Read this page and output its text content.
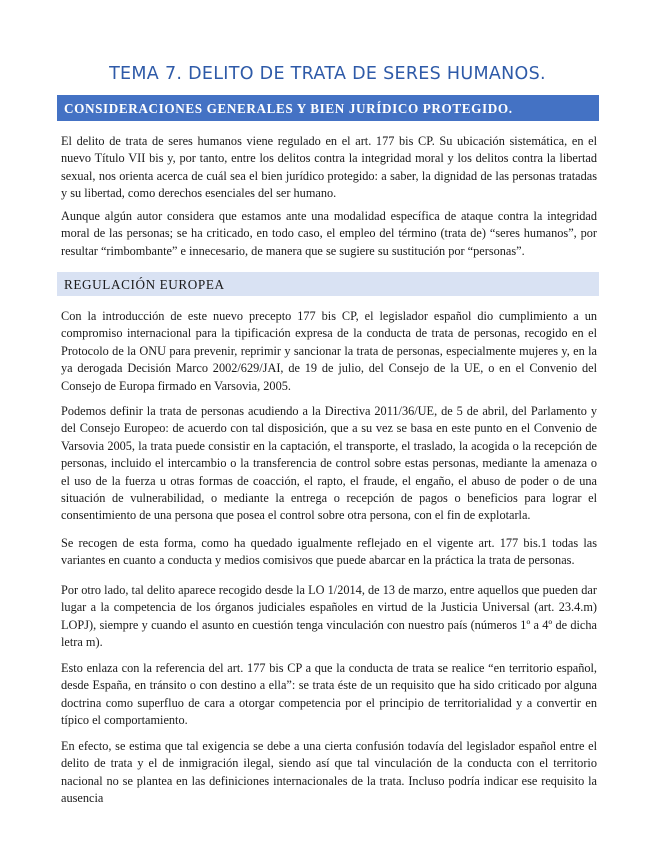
TEMA 7. DELITO DE TRATA DE SERES HUMANOS.
CONSIDERACIONES GENERALES Y BIEN JURÍDICO PROTEGIDO.

El delito de trata de seres humanos viene regulado en el art. 177 bis CP. Su ubicación sistemática, en el nuevo Título VII bis y, por tanto, entre los delitos contra la integridad moral y los delitos contra la libertad sexual, nos orienta acerca de cuál sea el bien jurídico protegido: a saber, la dignidad de las personas tratadas y su libertad, como derechos esenciales del ser humano.

Aunque algún autor considera que estamos ante una modalidad específica de ataque contra la integridad moral de las personas; se ha criticado, en todo caso, el empleo del término (trata de) “seres humanos”, por resultar “rimbombante” e innecesario, de manera que se sugiere su sustitución por “personas”.

REGULACIÓN EUROPEA

Con la introducción de este nuevo precepto 177 bis CP, el legislador español dio cumplimiento a un compromiso internacional para la tipificación expresa de la conducta de trata de personas, recogido en el Protocolo de la ONU para prevenir, reprimir y sancionar la trata de personas, especialmente mujeres y, en la ya derogada Decisión Marco 2002/629/JAI, de 19 de julio, del Consejo de la UE, o en el Convenio del Consejo de Europa firmado en Varsovia, 2005.

Podemos definir la trata de personas acudiendo a la Directiva 2011/36/UE, de 5 de abril, del Parlamento y del Consejo Europeo: de acuerdo con tal disposición, que a su vez se basa en este punto en el Convenio de Varsovia 2005, la trata puede consistir en la captación, el transporte, el traslado, la acogida o la recepción de personas, incluido el intercambio o la transferencia de control sobre estas personas, mediante la amenaza o el uso de la fuerza u otras formas de coacción, el rapto, el fraude, el engaño, el abuso de poder o de una situación de vulnerabilidad, o mediante la entrega o recepción de pagos o beneficios para lograr el consentimiento de una persona que posea el control sobre otra persona, con el fin de explotarla.

Se recogen de esta forma, como ha quedado igualmente reflejado en el vigente art. 177 bis.1 todas las variantes en cuanto a conducta y medios comisivos que puede abarcar en la práctica la trata de personas.

Por otro lado, tal delito aparece recogido desde la LO 1/2014, de 13 de marzo, entre aquellos que pueden dar lugar a la competencia de los órganos judiciales españoles en virtud de la Justicia Universal (art. 23.4.m) LOPJ), siempre y cuando el asunto en cuestión tenga vinculación con nuestro país (números 1º a 4º de dicha letra m).

Esto enlaza con la referencia del art. 177 bis CP a que la conducta de trata se realice “en territorio español, desde España, en tránsito o con destino a ella”: se trata éste de un requisito que ha sido criticado por alguna doctrina como superfluo de cara a otorgar competencia por el principio de territorialidad y a convertir en típico el comportamiento.

En efecto, se estima que tal exigencia se debe a una cierta confusión todavía del legislador español entre el delito de trata y el de inmigración ilegal, siendo así que tal vinculación de la conducta con el territorio nacional no se plantea en las definiciones internacionales de la trata. Incluso podría indicar ese requisito la ausencia
